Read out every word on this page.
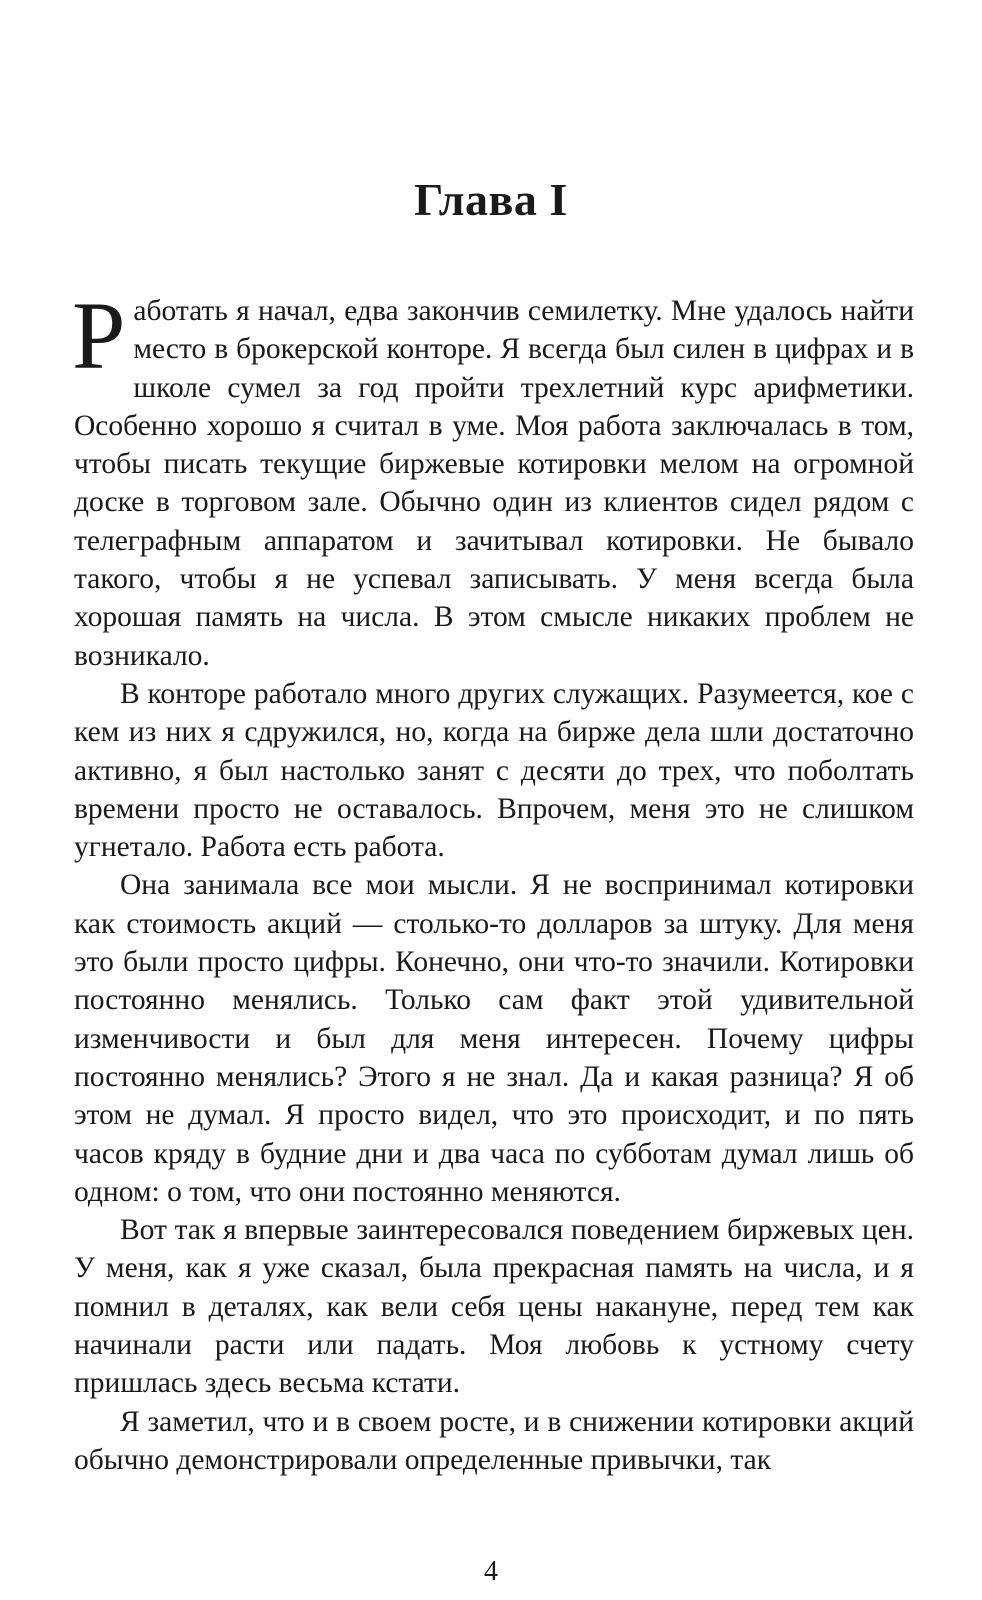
Глава I

Работать я начал, едва закончив семилетку. Мне удалось найти место в брокерской конторе. Я всегда был силен в цифрах и в школе сумел за год пройти трехлетний курс арифметики. Особенно хорошо я считал в уме. Моя работа заключалась в том, чтобы писать текущие биржевые котировки мелом на огромной доске в торговом зале. Обычно один из клиентов сидел рядом с телеграфным аппаратом и зачитывал котировки. Не бывало такого, чтобы я не успевал записывать. У меня всегда была хорошая память на числа. В этом смысле никаких проблем не возникало.

В конторе работало много других служащих. Разумеется, кое с кем из них я сдружился, но, когда на бирже дела шли достаточно активно, я был настолько занят с десяти до трех, что поболтать времени просто не оставалось. Впрочем, меня это не слишком угнетало. Работа есть работа.

Она занимала все мои мысли. Я не воспринимал котировки как стоимость акций — столько-то долларов за штуку. Для меня это были просто цифры. Конечно, они что-то значили. Котировки постоянно менялись. Только сам факт этой удивительной изменчивости и был для меня интересен. Почему цифры постоянно менялись? Этого я не знал. Да и какая разница? Я об этом не думал. Я просто видел, что это происходит, и по пять часов кряду в будние дни и два часа по субботам думал лишь об одном: о том, что они постоянно меняются.

Вот так я впервые заинтересовался поведением биржевых цен. У меня, как я уже сказал, была прекрасная память на числа, и я помнил в деталях, как вели себя цены накануне, перед тем как начинали расти или падать. Моя любовь к устному счету пришлась здесь весьма кстати.

Я заметил, что и в своем росте, и в снижении котировки акций обычно демонстрировали определенные привычки, так

4
